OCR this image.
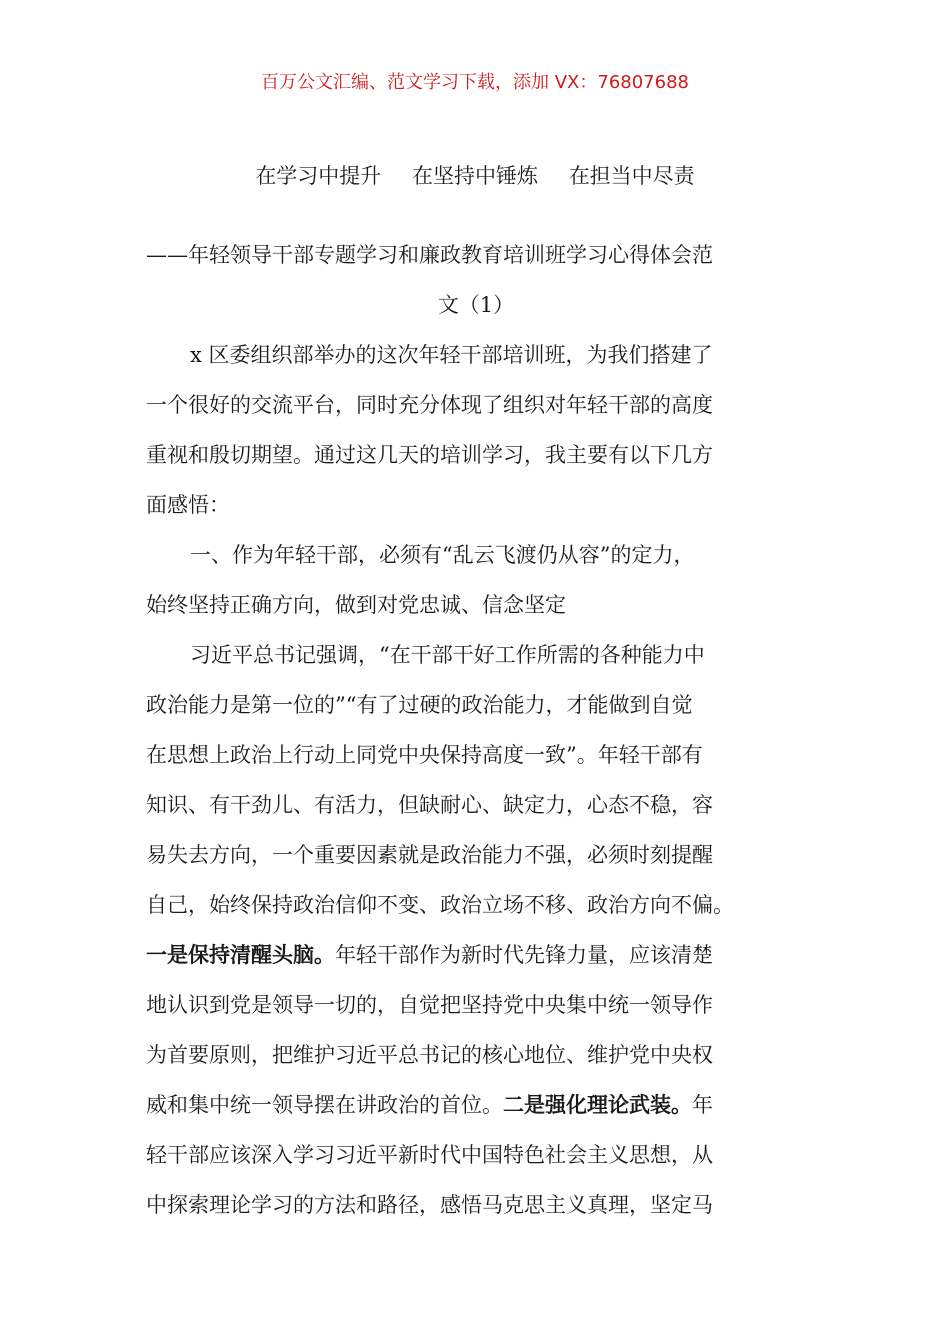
百万公文汇编、范文学习下载，添加 VX：76807688
在学习中提升 在坚持中锤炼 在担当中尽责
——年轻领导干部专题学习和廉政教育培训班学习心得体会范
文（1）
x 区委组织部举办的这次年轻干部培训班，为我们搭建了
一个很好的交流平台，同时充分体现了组织对年轻干部的高度
重视和殷切期望。通过这几天的培训学习，我主要有以下几方
面感悟：
一、作为年轻干部，必须有“乱云飞渡仍从容”的定力，
始终坚持正确方向，做到对党忠诚、信念坚定
习近平总书记强调，“在干部干好工作所需的各种能力中
政治能力是第一位的”“有了过硬的政治能力，才能做到自觉
在思想上政治上行动上同党中央保持高度一致”。年轻干部有
知识、有干劲儿、有活力，但缺耐心、缺定力，心态不稳，容
易失去方向，一个重要因素就是政治能力不强，必须时刻提醒
自己，始终保持政治信仰不变、政治立场不移、政治方向不偏。
一是保持清醒头脑。年轻干部作为新时代先锋力量，应该清楚
地认识到党是领导一切的，自觉把坚持党中央集中统一领导作
为首要原则，把维护习近平总书记的核心地位、维护党中央权
威和集中统一领导摆在讲政治的首位。二是强化理论武装。年
轻干部应该深入学习习近平新时代中国特色社会主义思想，从
中探索理论学习的方法和路径，感悟马克思主义真理，坚定马
